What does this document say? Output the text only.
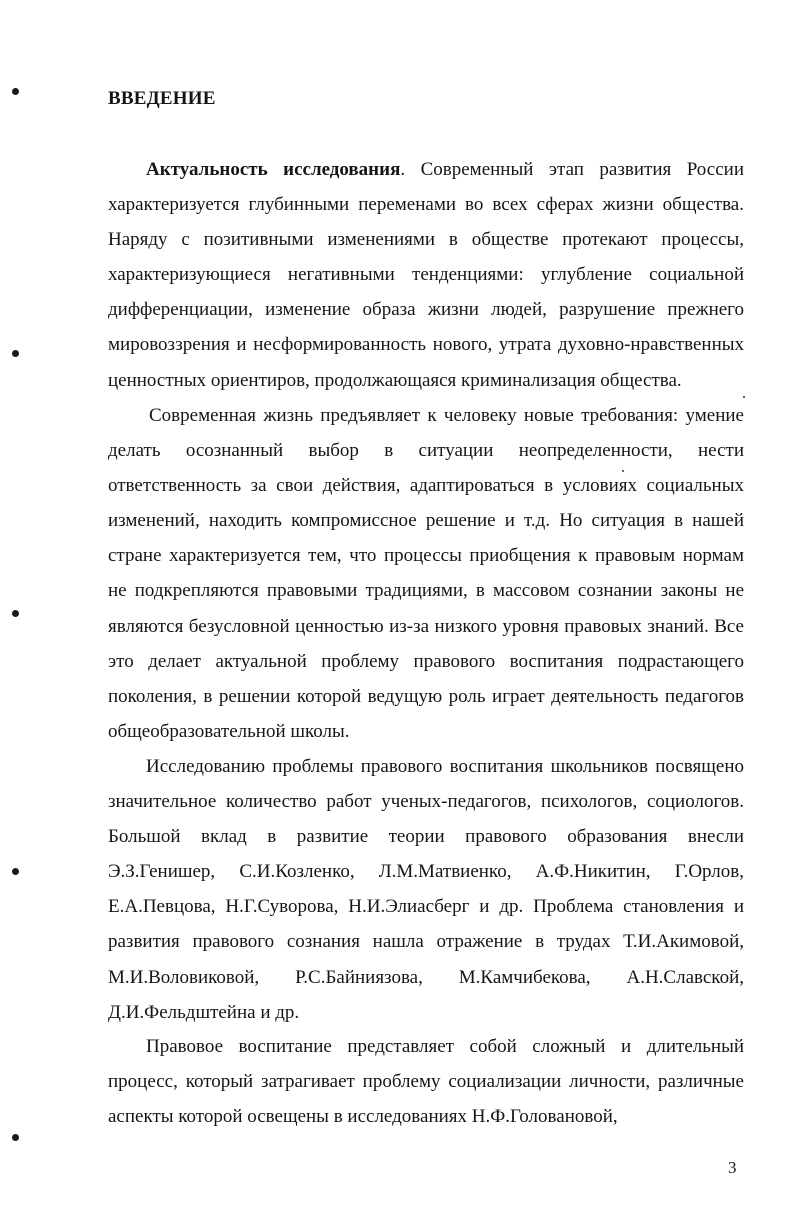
ВВЕДЕНИЕ

Актуальность исследования. Современный этап развития России характеризуется глубинными переменами во всех сферах жизни общества. Наряду с позитивными изменениями в обществе протекают процессы, характеризующиеся негативными тенденциями: углубление социальной дифференциации, изменение образа жизни людей, разрушение прежнего мировоззрения и несформированность нового, утрата духовно-нравственных ценностных ориентиров, продолжающаяся криминализация общества.

Современная жизнь предъявляет к человеку новые требования: умение делать осознанный выбор в ситуации неопределенности, нести ответственность за свои действия, адаптироваться в условиях социальных изменений, находить компромиссное решение и т.д. Но ситуация в нашей стране характеризуется тем, что процессы приобщения к правовым нормам не подкрепляются правовыми традициями, в массовом сознании законы не являются безусловной ценностью из-за низкого уровня правовых знаний. Все это делает актуальной проблему правового воспитания подрастающего поколения, в решении которой ведущую роль играет деятельность педагогов общеобразовательной школы.

Исследованию проблемы правового воспитания школьников посвящено значительное количество работ ученых-педагогов, психологов, социологов. Большой вклад в развитие теории правового образования внесли Э.З.Генишер, С.И.Козленко, Л.М.Матвиенко, А.Ф.Никитин, Г.Орлов, Е.А.Певцова, Н.Г.Суворова, Н.И.Элиасберг и др. Проблема становления и развития правового сознания нашла отражение в трудах Т.И.Акимовой, М.И.Воловиковой, Р.С.Байниязова, М.Камчибекова, А.Н.Славской, Д.И.Фельдштейна и др.

Правовое воспитание представляет собой сложный и длительный процесс, который затрагивает проблему социализации личности, различные аспекты которой освещены в исследованиях Н.Ф.Головановой,

3
